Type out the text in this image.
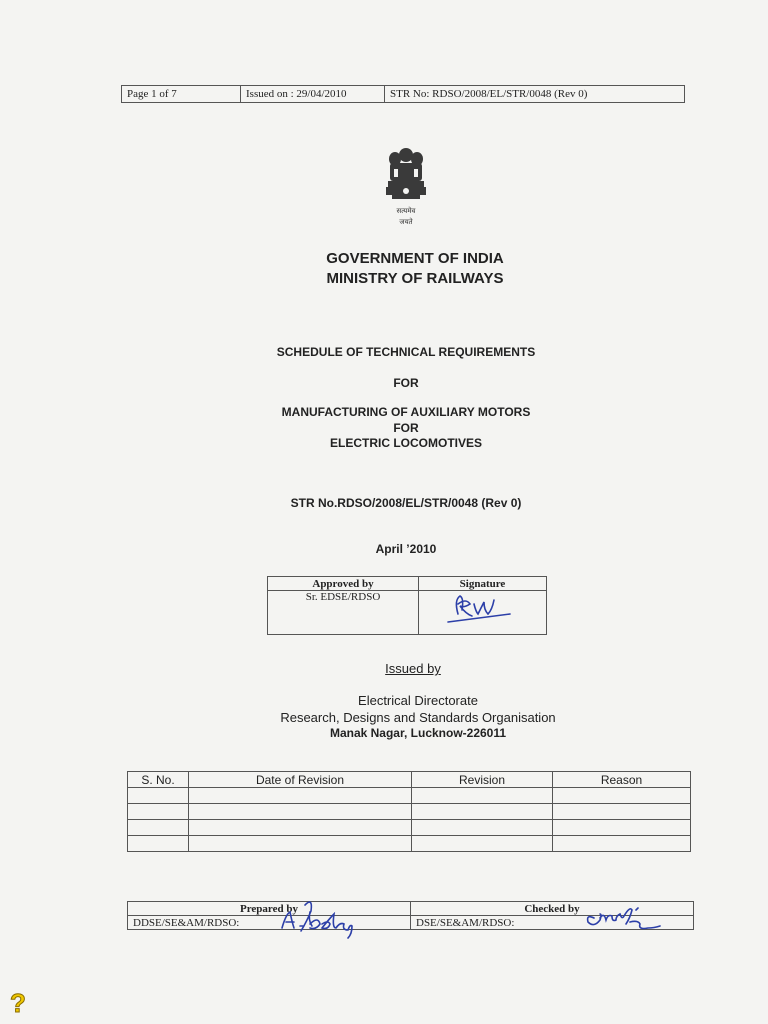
Page 1 of 7	Issued on : 29/04/2010	STR No: RDSO/2008/EL/STR/0048 (Rev 0)
सत्यमेव
जयते
GOVERNMENT OF INDIA
MINISTRY OF RAILWAYS
SCHEDULE OF TECHNICAL REQUIREMENTS
FOR
MANUFACTURING OF AUXILIARY MOTORS
FOR
ELECTRIC LOCOMOTIVES
STR No.RDSO/2008/EL/STR/0048 (Rev 0)
April ’2010
Approved by	Signature
Sr. EDSE/RDSO	
Issued by
Electrical Directorate
Research, Designs and Standards Organisation
Manak Nagar, Lucknow-226011
S. No.	Date of Revision	Revision	Reason

Prepared by	Checked by
DDSE/SE&AM/RDSO:	DSE/SE&AM/RDSO:
?
